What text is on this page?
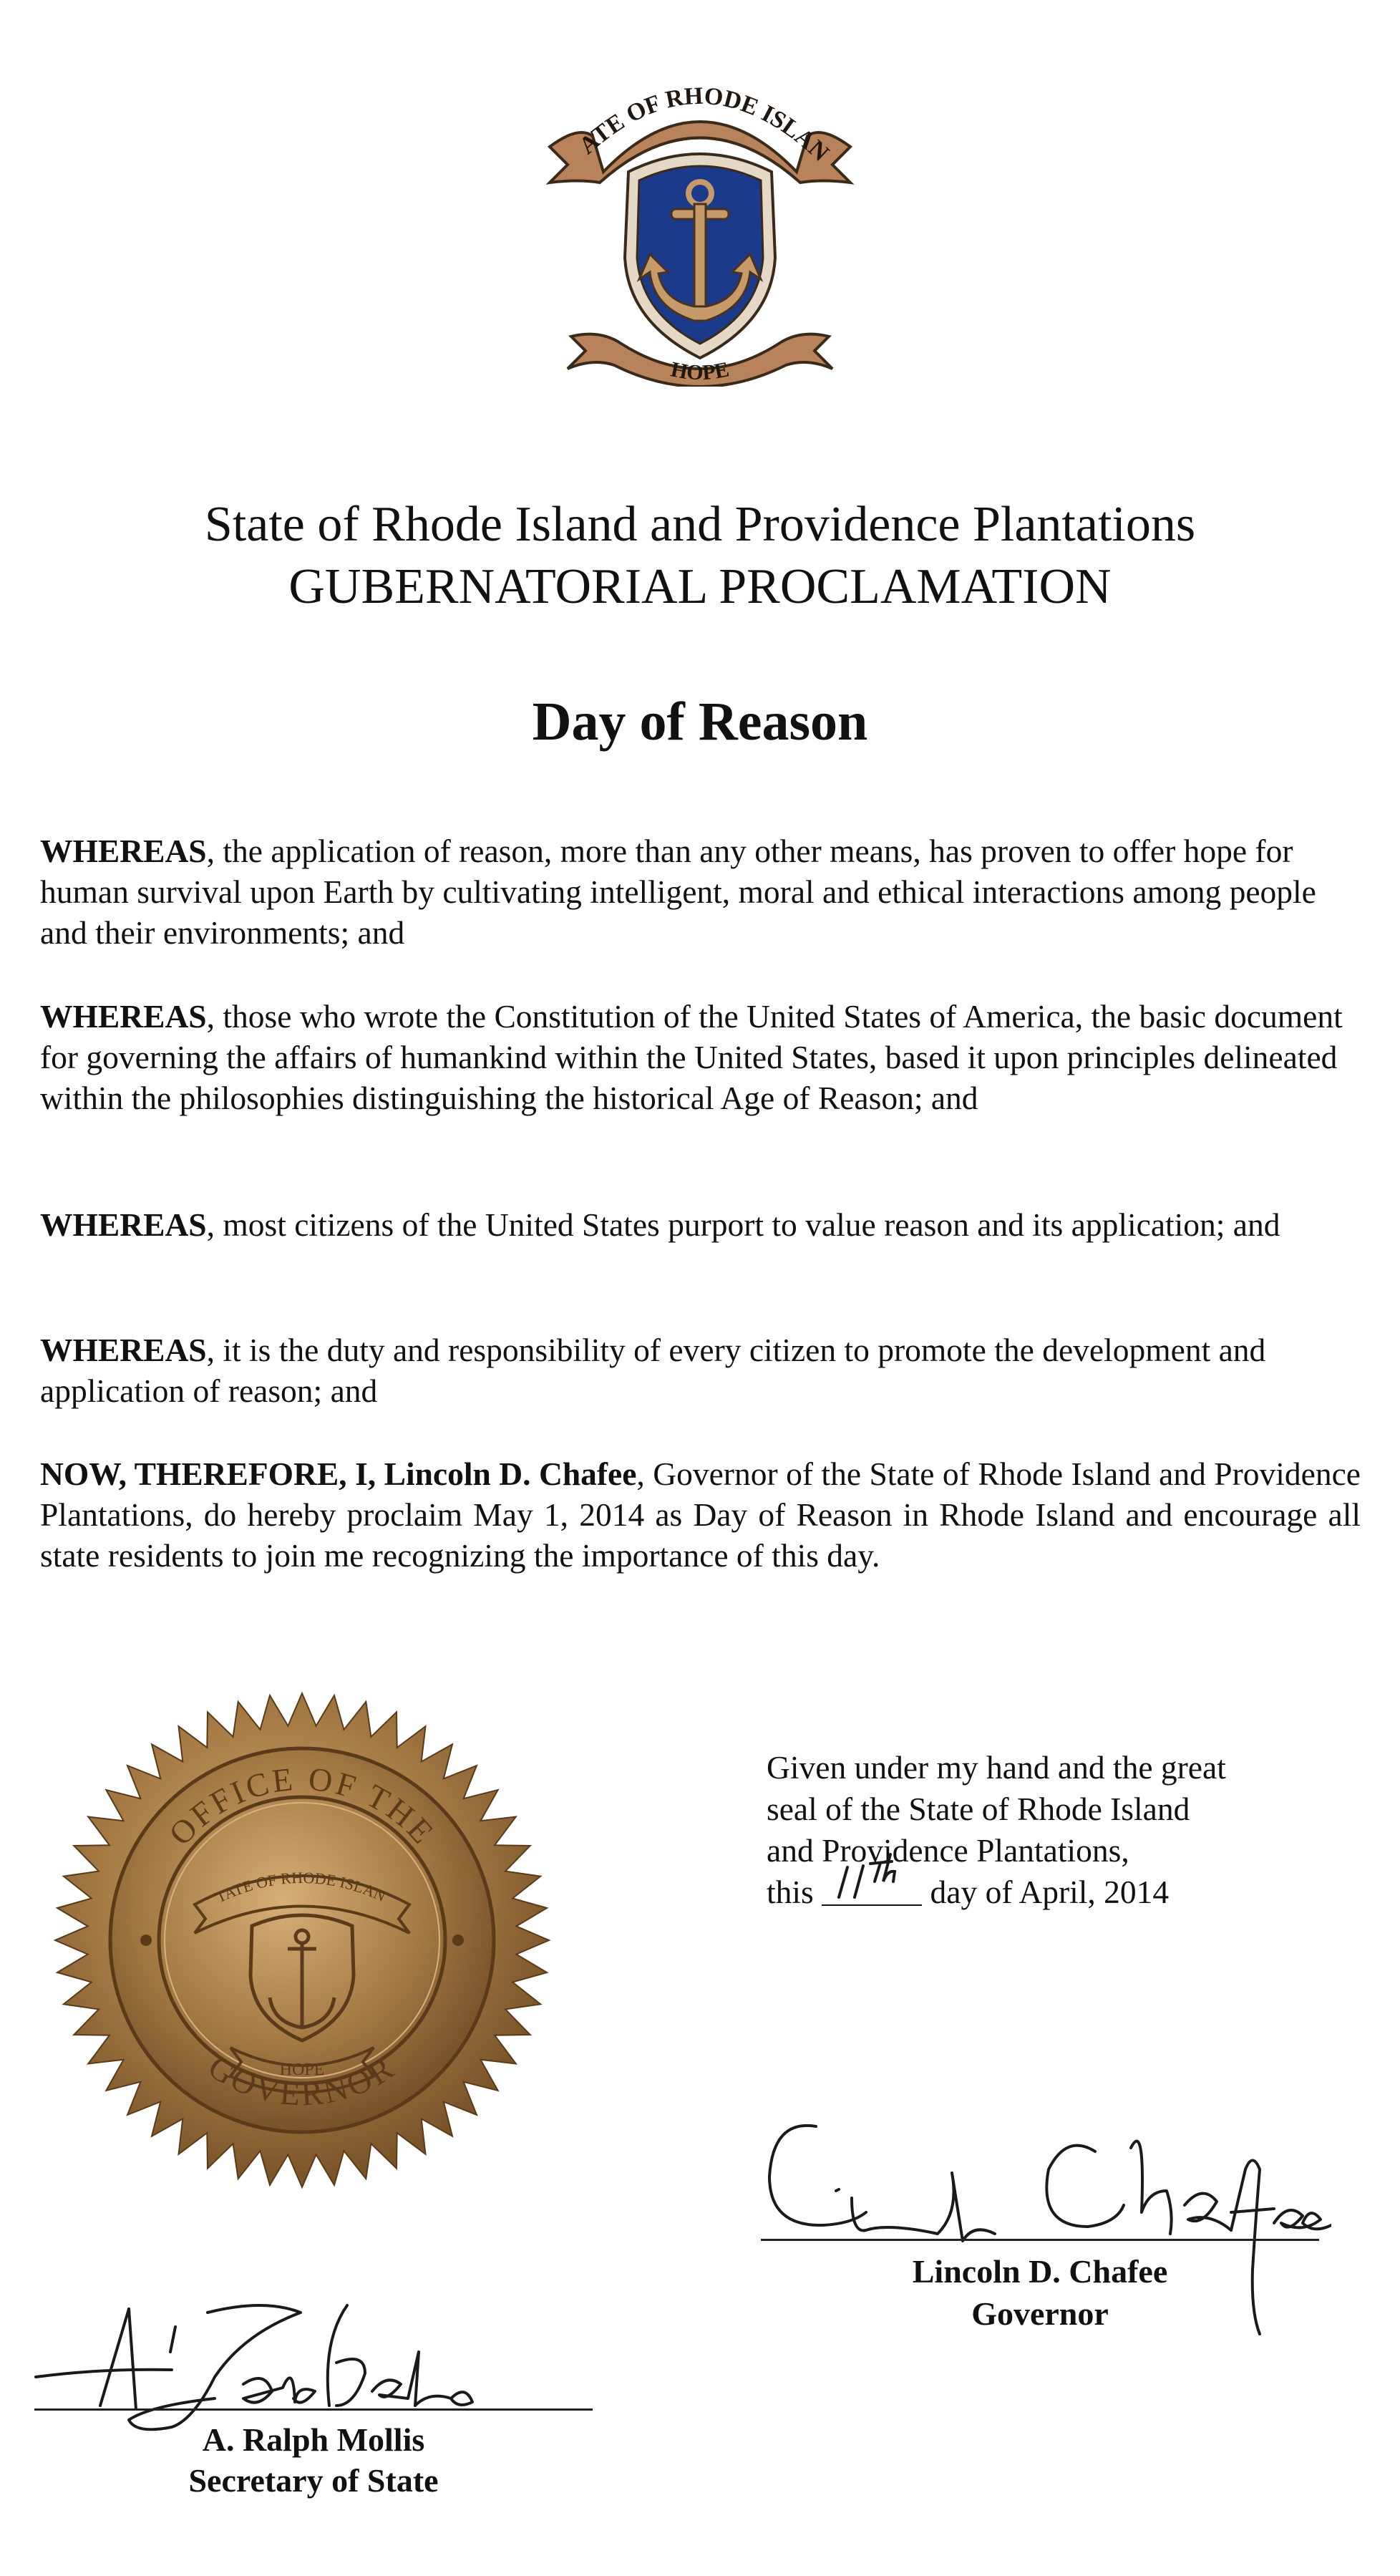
ATE OF RHODE ISLAN
HOPE
State of Rhode Island and Providence Plantations
GUBERNATORIAL PROCLAMATION
Day of Reason

WHEREAS, the application of reason, more than any other means, has proven to offer hope for human survival upon Earth by cultivating intelligent, moral and ethical interactions among people and their environments; and

WHEREAS, those who wrote the Constitution of the United States of America, the basic document for governing the affairs of humankind within the United States, based it upon principles delineated within the philosophies distinguishing the historical Age of Reason; and

WHEREAS, most citizens of the United States purport to value reason and its application; and

WHEREAS, it is the duty and responsibility of every citizen to promote the development and application of reason; and

NOW, THEREFORE, I, Lincoln D. Chafee, Governor of the State of Rhode Island and Providence Plantations, do hereby proclaim May 1, 2014 as Day of Reason in Rhode Island and encourage all state residents to join me recognizing the importance of this day.

OFFICE OF THE
GOVERNOR
TATE OF RHODE ISLAN
HOPE
Given under my hand and the great
seal of the State of Rhode Island
and Providence Plantations,
this	day of April, 2014
Lincoln D. Chafee
Governor
A. Ralph Mollis
Secretary of State
